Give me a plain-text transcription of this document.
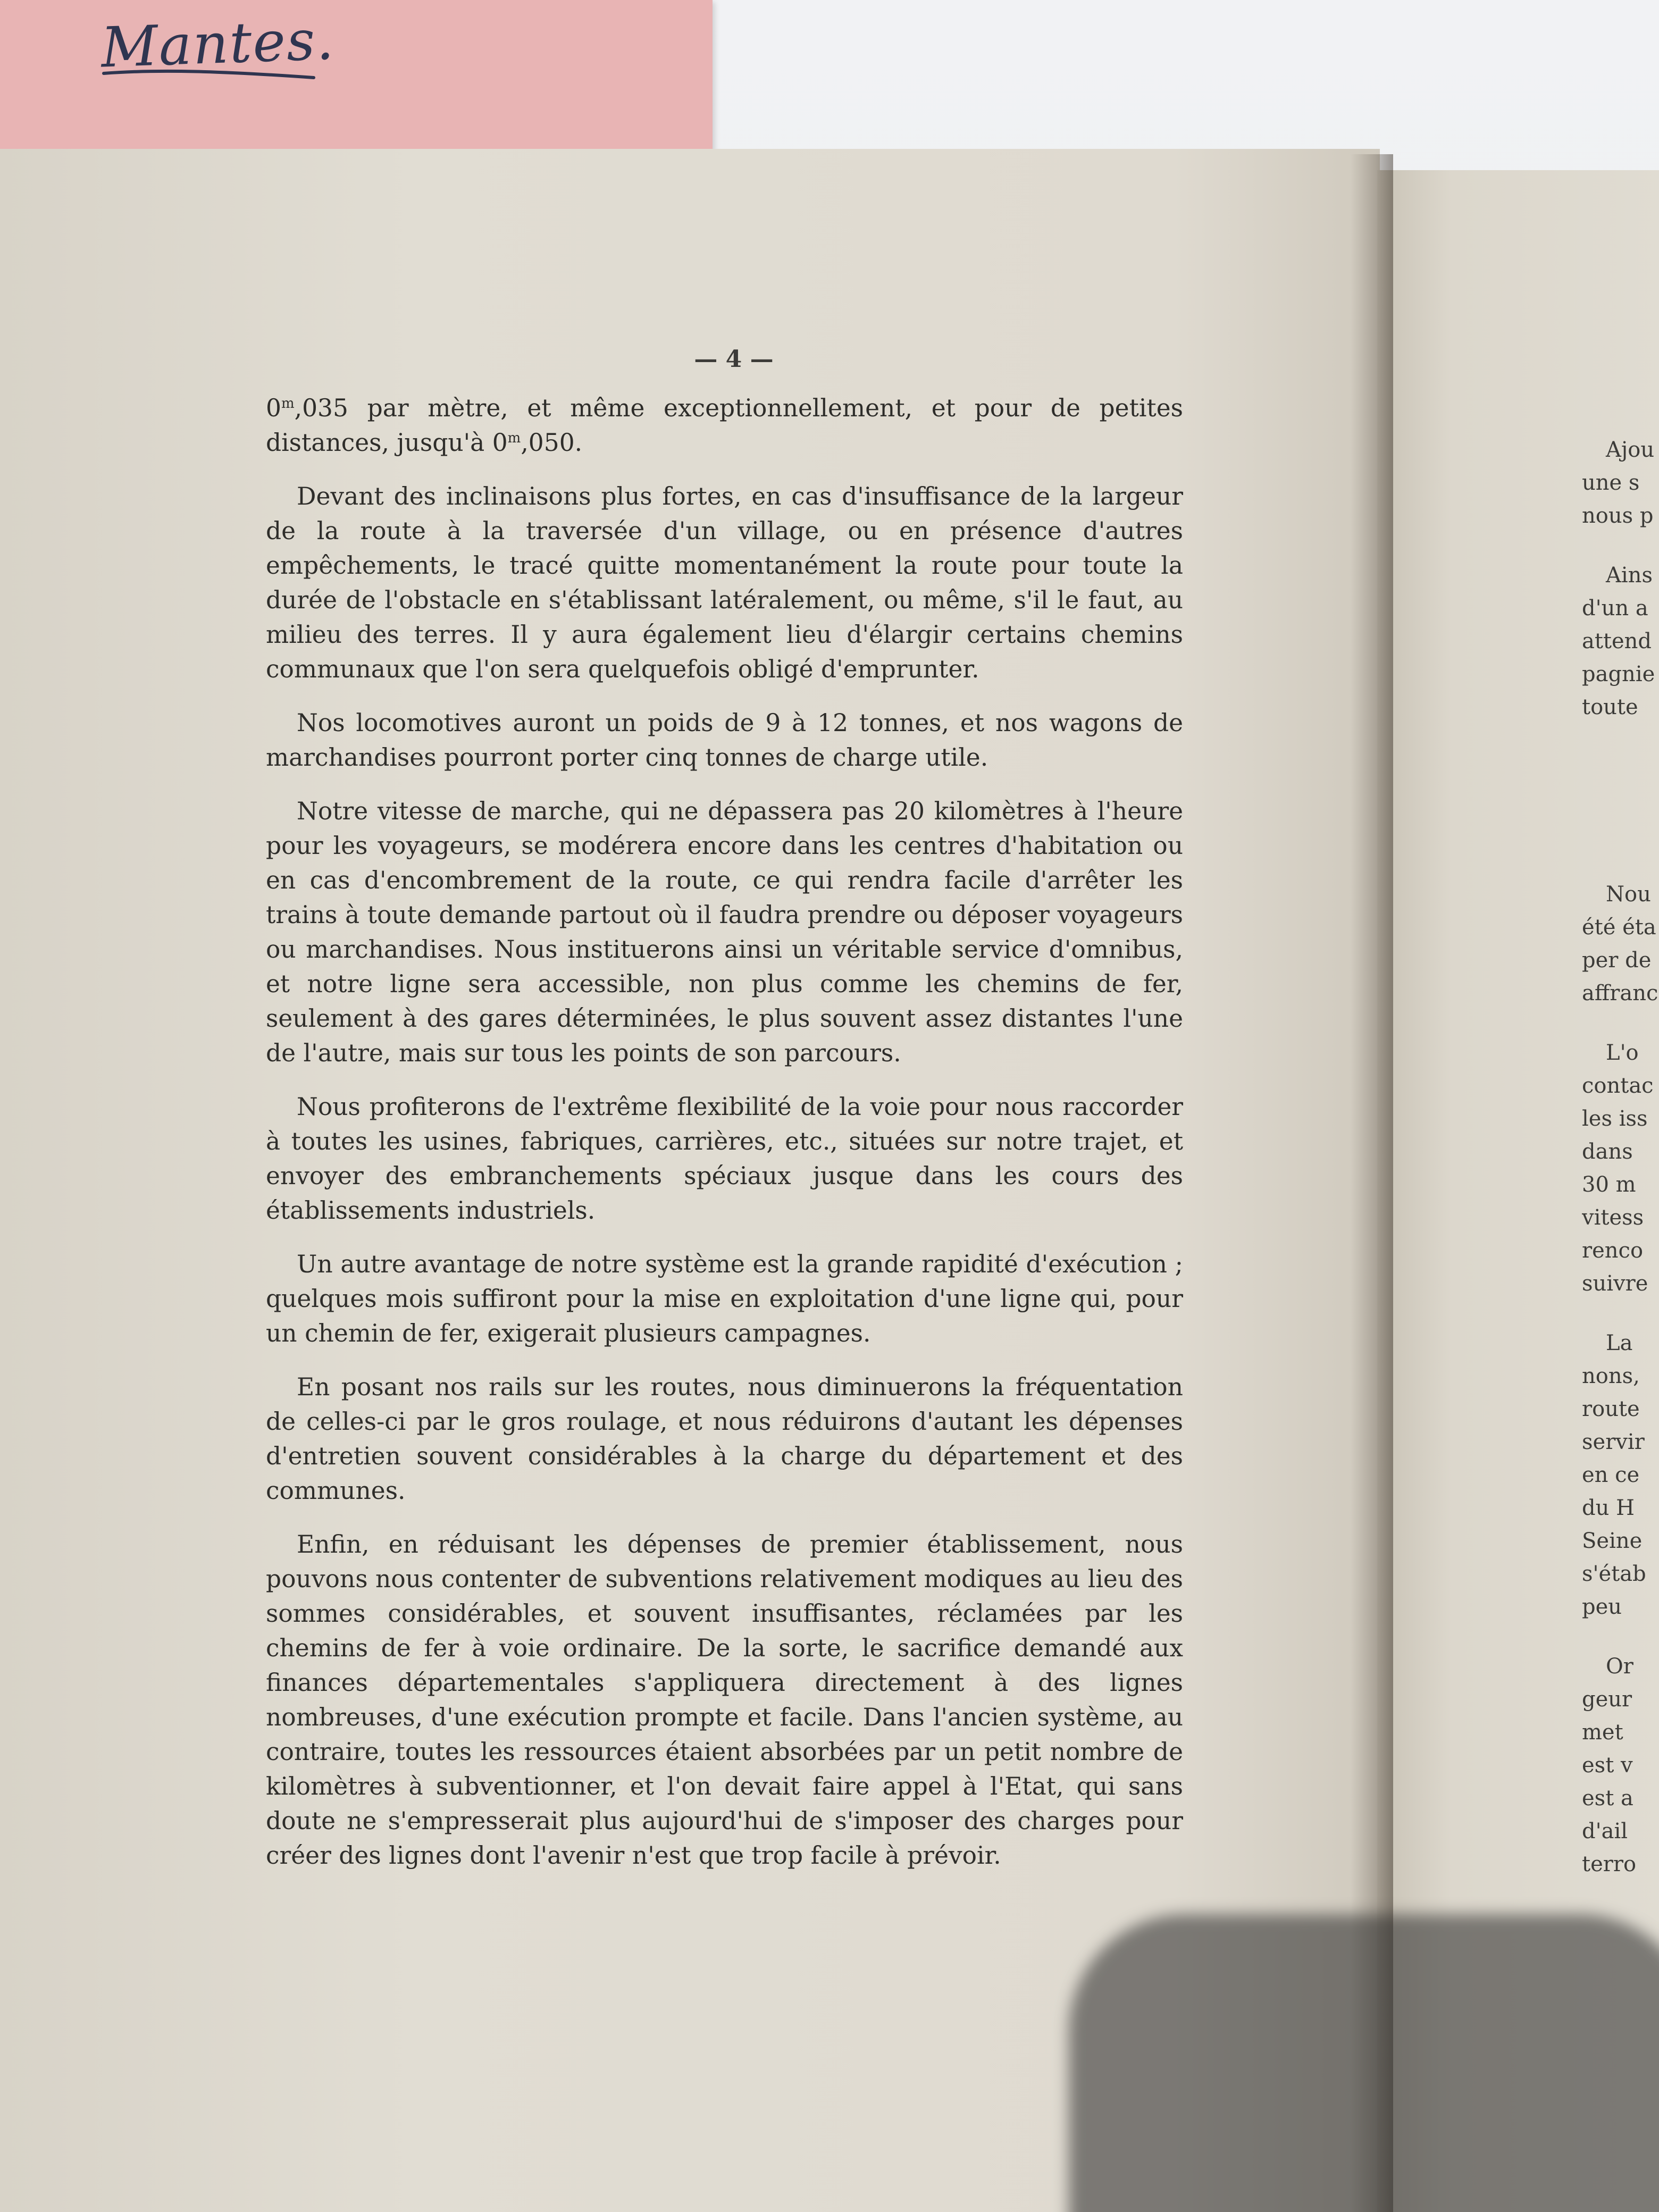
Mantes.
— 4 —

0$^m$,035 par mètre, et même exceptionnellement, et pour de petites distances, jusqu'à 0$^m$,050.

Devant des inclinaisons plus fortes, en cas d'insuffisance de la largeur de la route à la traversée d'un village, ou en présence d'autres empêchements, le tracé quitte momentanément la route pour toute la durée de l'obstacle en s'établissant latéralement, ou même, s'il le faut, au milieu des terres. Il y aura également lieu d'élargir certains chemins communaux que l'on sera quelquefois obligé d'emprunter.

Nos locomotives auront un poids de 9 à 12 tonnes, et nos wagons de marchandises pourront porter cinq tonnes de charge utile.

Notre vitesse de marche, qui ne dépassera pas 20 kilomètres à l'heure pour les voyageurs, se modérera encore dans les centres d'habitation ou en cas d'encombrement de la route, ce qui rendra facile d'arrêter les trains à toute demande partout où il faudra prendre ou déposer voyageurs ou marchandises. Nous instituerons ainsi un véritable service d'omnibus, et notre ligne sera accessible, non plus comme les chemins de fer, seulement à des gares déterminées, le plus souvent assez distantes l'une de l'autre, mais sur tous les points de son parcours.

Nous profiterons de l'extrême flexibilité de la voie pour nous raccorder à toutes les usines, fabriques, carrières, etc., situées sur notre trajet, et envoyer des embranchements spéciaux jusque dans les cours des établissements industriels.

Un autre avantage de notre système est la grande rapidité d'exécution ; quelques mois suffiront pour la mise en exploitation d'une ligne qui, pour un chemin de fer, exigerait plusieurs campagnes.

En posant nos rails sur les routes, nous diminuerons la fréquentation de celles-ci par le gros roulage, et nous réduirons d'autant les dépenses d'entretien souvent considérables à la charge du département et des communes.

Enfin, en réduisant les dépenses de premier établissement, nous pouvons nous contenter de subventions relativement modiques au lieu des sommes considérables, et souvent insuffisantes, réclamées par les chemins de fer à voie ordinaire. De la sorte, le sacrifice demandé aux finances départementales s'appliquera directement à des lignes nombreuses, d'une exécution prompte et facile. Dans l'ancien système, au contraire, toutes les ressources étaient absorbées par un petit nombre de kilomètres à subventionner, et l'on devait faire appel à l'Etat, qui sans doute ne s'empresserait plus aujourd'hui de s'imposer des charges pour créer des lignes dont l'avenir n'est que trop facile à prévoir.

Ajou
une s
nous p
Ains
d'un a
attend
pagnie
toute
Nou
été éta
per de
affranc
L'o
contac
les iss
dans
30 m
vitess
renco
suivre
La
nons,
route
servir
en ce
du H
Seine
s'étab
peu
Or
geur
met
est v
est a
d'ail
terro
